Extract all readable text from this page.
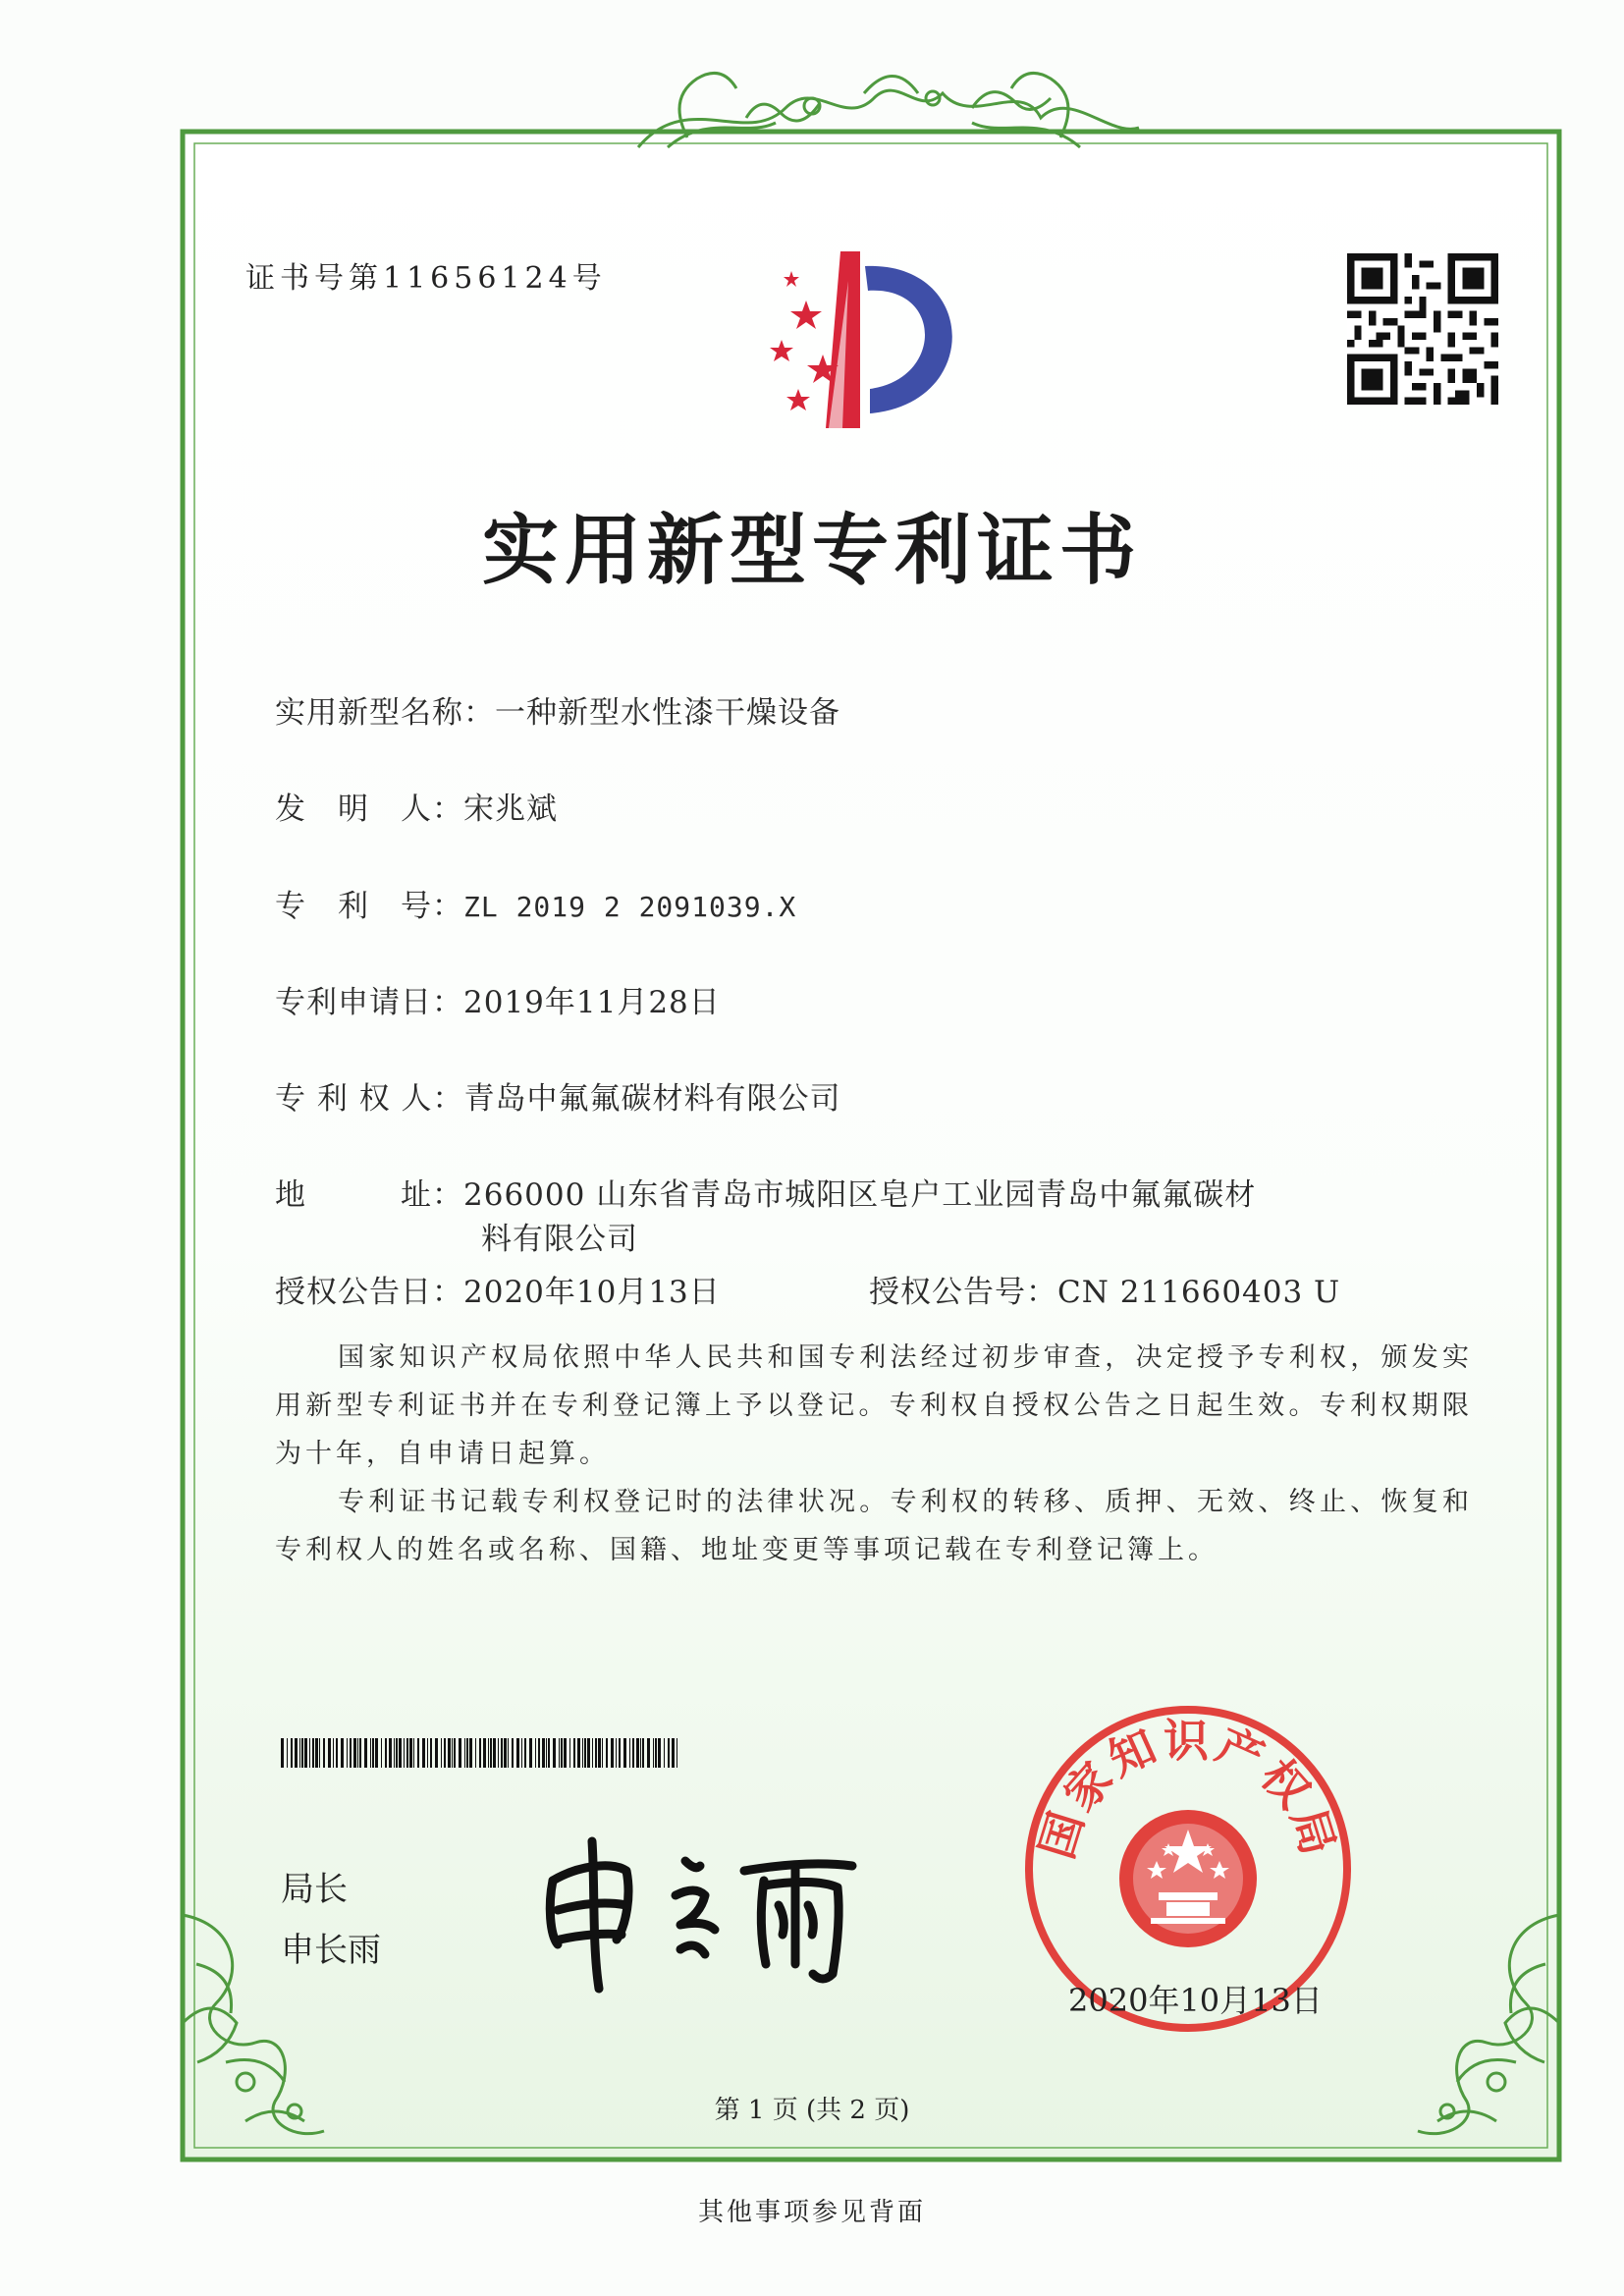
证书号第11656124号
实用新型专利证书
实用新型名称：一种新型水性漆干燥设备
发　明　人：宋兆斌
专　利　号：ZL 2019 2 2091039.X
专利申请日：2019年11月28日
专 利 权 人：青岛中氟氟碳材料有限公司
地　　　址：266000 山东省青岛市城阳区皂户工业园青岛中氟氟碳材
料有限公司
授权公告日：2020年10月13日	授权公告号：CN 211660403 U

国家知识产权局依照中华人民共和国专利法经过初步审查，决定授予专利权，颁发实用新型专利证书并在专利登记簿上予以登记。专利权自授权公告之日起生效。专利权期限为十年，自申请日起算。

专利证书记载专利权登记时的法律状况。专利权的转移、质押、无效、终止、恢复和专利权人的姓名或名称、国籍、地址变更等事项记载在专利登记簿上。

局长
申长雨
国家知识产权局
2020年10月13日
第 1 页 (共 2 页)
其他事项参见背面
